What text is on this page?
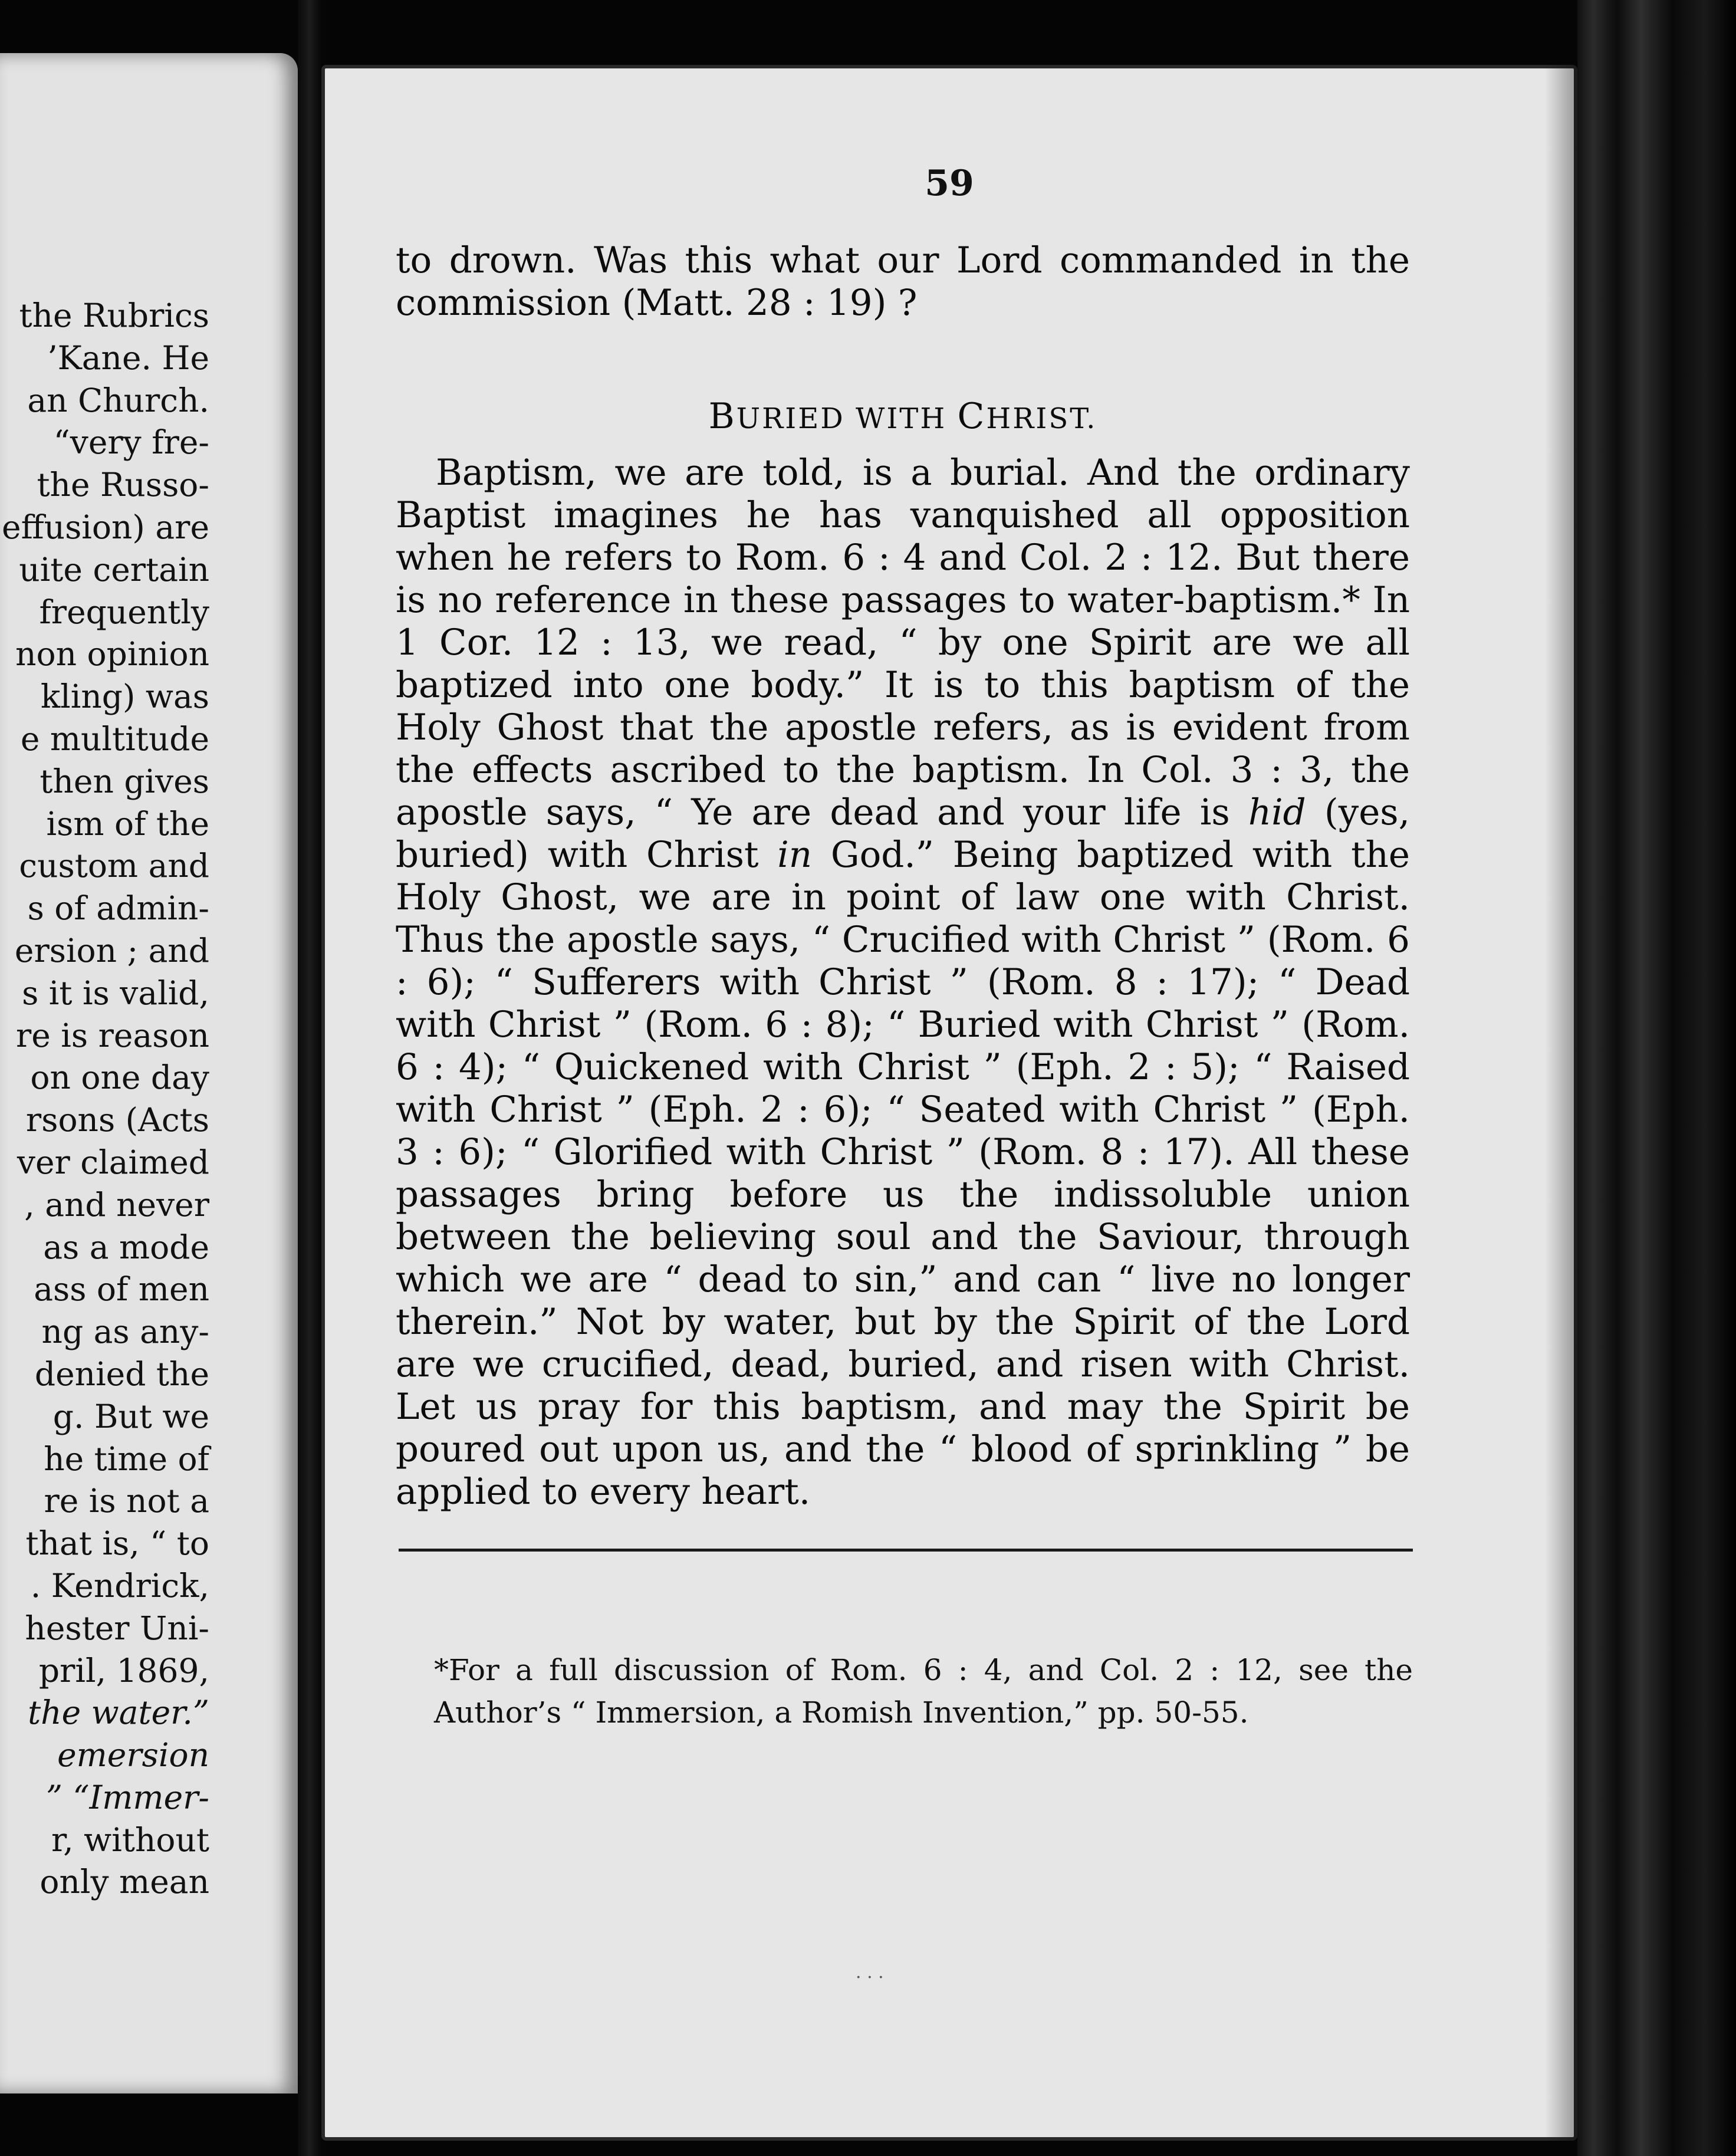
the Rubrics
’Kane. He
an Church.
“very fre-
the Russo-
effusion) are
uite certain
frequently
non opinion
kling) was
e multitude
then gives
ism of the
custom and
s of admin-
ersion ; and
s it is valid,
re is reason
on one day
rsons (Acts
ver claimed
, and never
as a mode
ass of men
ng as any-
denied the
g. But we
he time of
re is not a
that is, “ to
. Kendrick,
hester Uni-
pril, 1869,
the water.”
emersion
” “Immer-
r, without
only mean
59

to drown. Was this what our Lord commanded in the commission (Matt. 28 : 19) ?

BURIED WITH CHRIST.

Baptism, we are told, is a burial. And the ordinary Baptist imagines he has vanquished all opposition when he refers to Rom. 6 : 4 and Col. 2 : 12. But there is no reference in these passages to water-baptism.* In 1 Cor. 12 : 13, we read, “ by one Spirit are we all baptized into one body.” It is to this baptism of the Holy Ghost that the apostle refers, as is evident from the effects ascribed to the baptism. In Col. 3 : 3, the apostle says, “ Ye are dead and your life is hid (yes, buried) with Christ in God.” Being baptized with the Holy Ghost, we are in point of law one with Christ. Thus the apostle says, “ Crucified with Christ ” (Rom. 6 : 6); “ Sufferers with Christ ” (Rom. 8 : 17); “ Dead with Christ ” (Rom. 6 : 8); “ Buried with Christ ” (Rom. 6 : 4); “ Quickened with Christ ” (Eph. 2 : 5); “ Raised with Christ ” (Eph. 2 : 6); “ Seated with Christ ” (Eph. 3 : 6); “ Glorified with Christ ” (Rom. 8 : 17). All these passages bring before us the indissoluble union between the believing soul and the Saviour, through which we are “ dead to sin,” and can “ live no longer therein.” Not by water, but by the Spirit of the Lord are we crucified, dead, buried, and risen with Christ. Let us pray for this baptism, and may the Spirit be poured out upon us, and the “ blood of sprinkling ” be applied to every heart.

*For a full discussion of Rom. 6 : 4, and Col. 2 : 12, see the Author’s “ Immersion, a Romish Invention,” pp. 50-55.
· · ·
